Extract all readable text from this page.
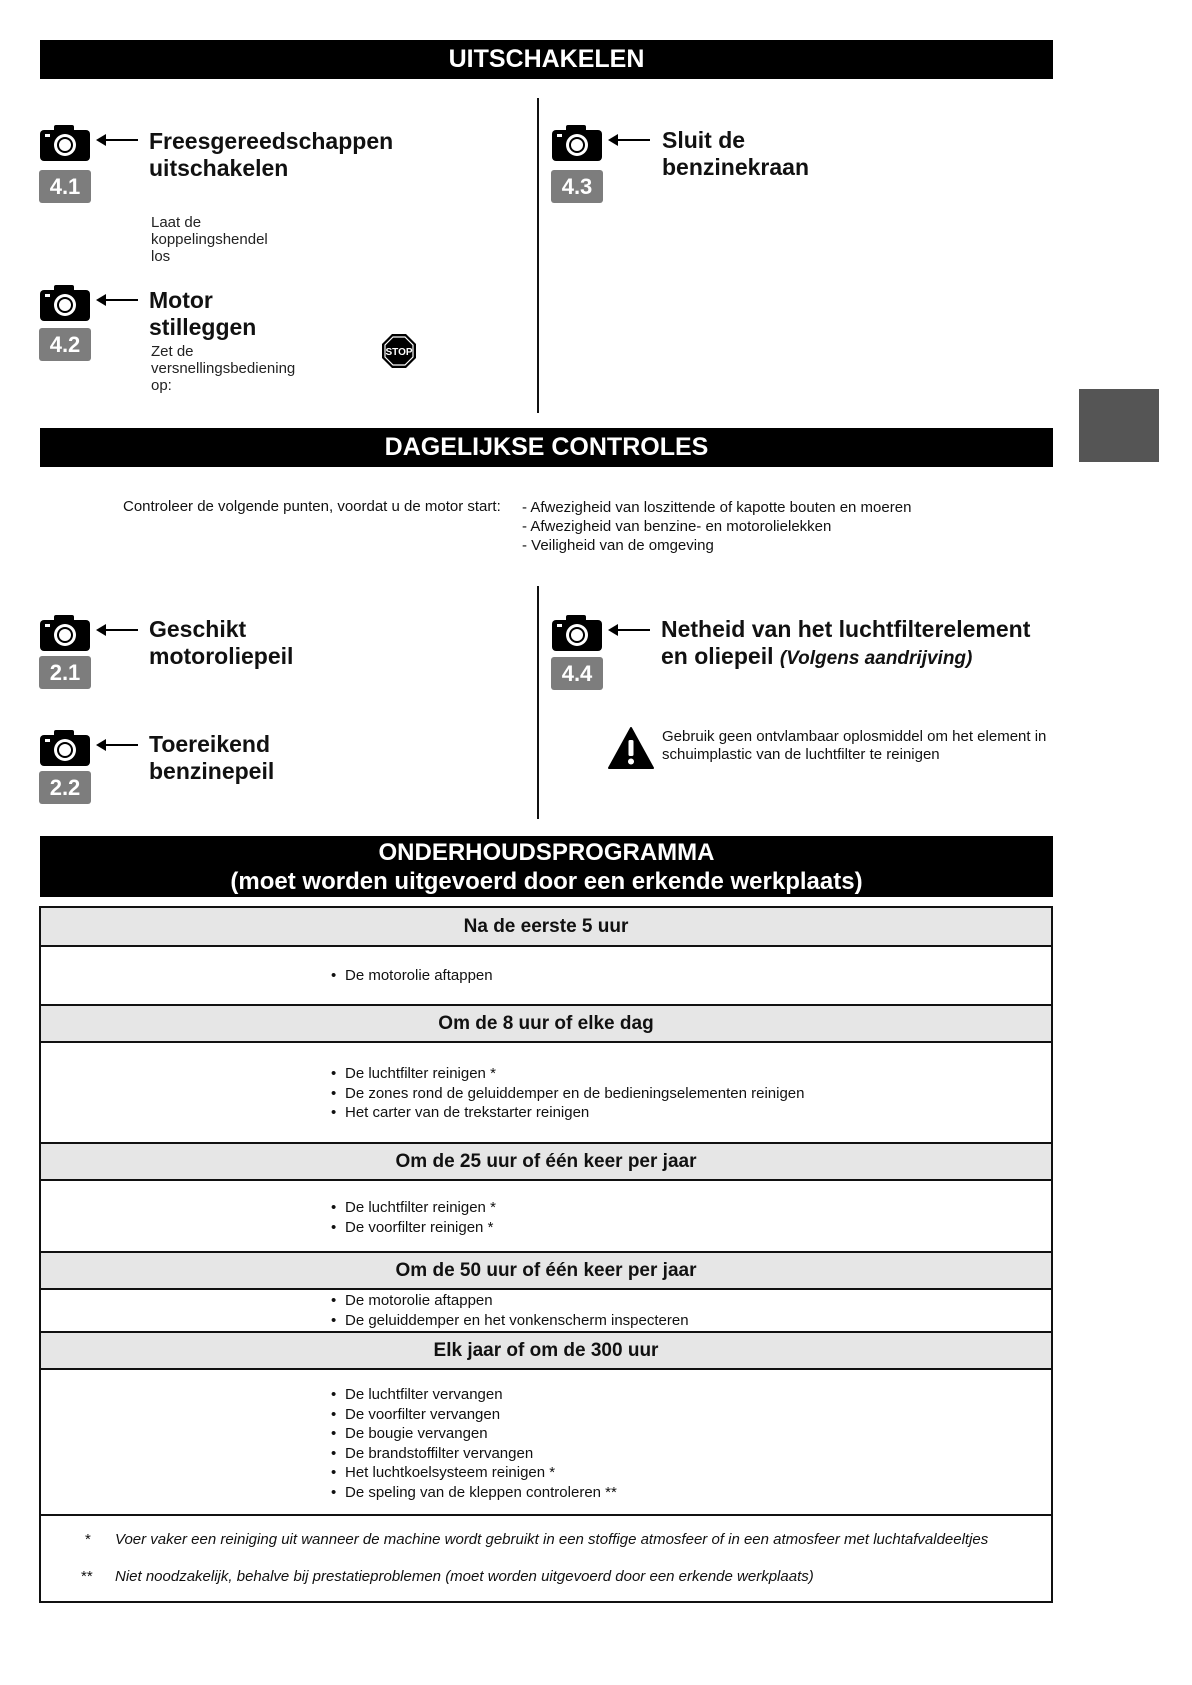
UITSCHAKELEN
4.1
Freesgereedschappen uitschakelen
Laat de koppelingshendel los
4.2
Motor stilleggen
Zet de versnellingsbediening op:
STOP
4.3
Sluit de benzinekraan
DAGELIJKSE CONTROLES
Controleer de volgende punten, voordat u de motor start: - Afwezigheid van loszittende of kapotte bouten en moeren
- Afwezigheid van benzine- en motorolielekken
- Veiligheid van de omgeving
2.1
Geschikt motoroliepeil
2.2
Toereikend benzinepeil
4.4
Netheid van het luchtfilterelement
en oliepeil (Volgens aandrijving)
Gebruik geen ontvlambaar oplosmiddel om het element in schuimplastic van de luchtfilter te reinigen
ONDERHOUDSPROGRAMMA
(moet worden uitgevoerd door een erkende werkplaats)
Na de eerste 5 uur
• De motorolie aftappen
Om de 8 uur of elke dag
• De luchtfilter reinigen *
• De zones rond de geluiddemper en de bedieningselementen reinigen
• Het carter van de trekstarter reinigen
Om de 25 uur of één keer per jaar
• De luchtfilter reinigen *
• De voorfilter reinigen *
Om de 50 uur of één keer per jaar
• De motorolie aftappen
• De geluiddemper en het vonkenscherm inspecteren
Elk jaar of om de 300 uur
• De luchtfilter vervangen
• De voorfilter vervangen
• De bougie vervangen
• De brandstoffilter vervangen
• Het luchtkoelsysteem reinigen *
• De speling van de kleppen controleren **
* Voer vaker een reiniging uit wanneer de machine wordt gebruikt in een stoffige atmosfeer of in een atmosfeer met luchtafvaldeeltjes
** Niet noodzakelijk, behalve bij prestatieproblemen (moet worden uitgevoerd door een erkende werkplaats)
